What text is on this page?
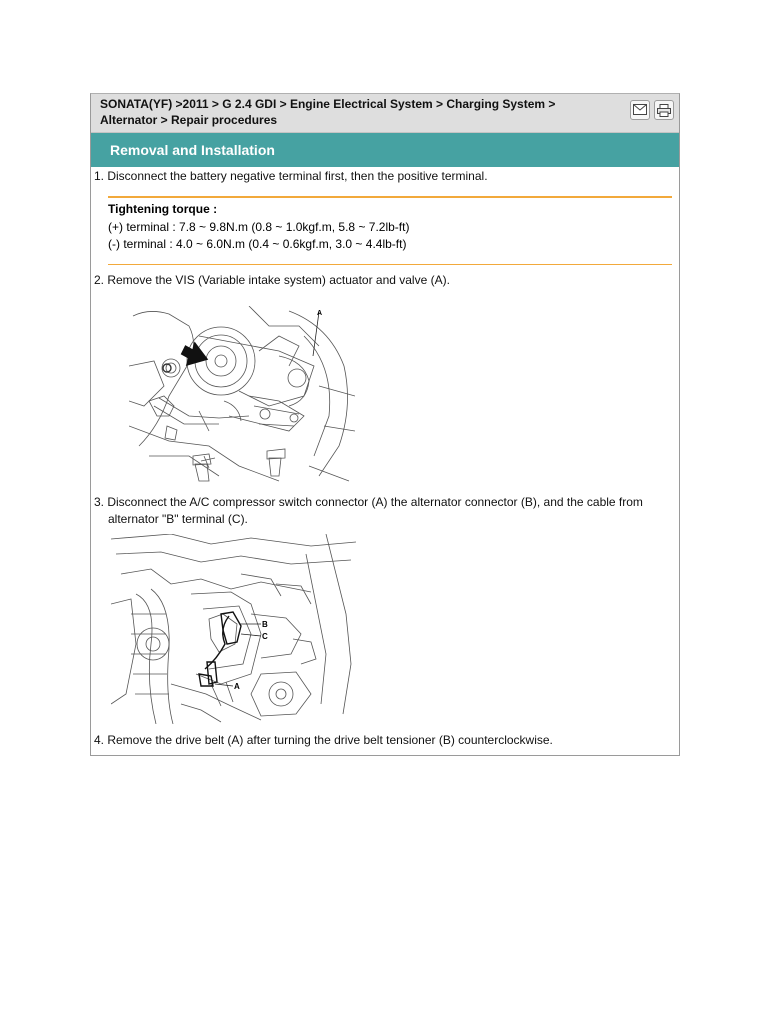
SONATA(YF) >2011 > G 2.4 GDI > Engine Electrical System > Charging System > Alternator > Repair procedures
Removal and Installation
1. Disconnect the battery negative terminal first, then the positive terminal.
Tightening torque :
(+) terminal : 7.8 ~ 9.8N.m (0.8 ~ 1.0kgf.m, 5.8 ~ 7.2lb-ft)
(-) terminal : 4.0 ~ 6.0N.m (0.4 ~ 0.6kgf.m, 3.0 ~ 4.4lb-ft)
2. Remove the VIS (Variable intake system) actuator and valve (A).
A
3. Disconnect the A/C compressor switch connector (A) the alternator connector (B), and the cable from
alternator "B" terminal (C).
B
C
A
4. Remove the drive belt (A) after turning the drive belt tensioner (B) counterclockwise.
